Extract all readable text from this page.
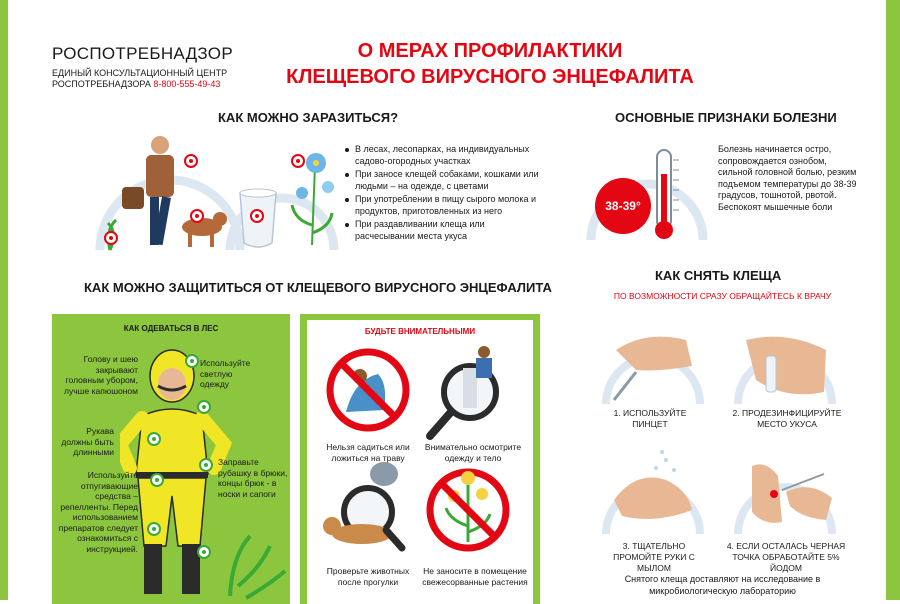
РОСПОТРЕБНАДЗОР
ЕДИНЫЙ КОНСУЛЬТАЦИОННЫЙ ЦЕНТР
РОСПОТРЕБНАДЗОРА 8-800-555-49-43
О МЕРАХ ПРОФИЛАКТИКИ
КЛЕЩЕВОГО ВИРУСНОГО ЭНЦЕФАЛИТА
КАК МОЖНО ЗАРАЗИТЬСЯ?
В лесах, лесопарках, на индивидуальных садово-огородных участках
При заносе клещей собаками, кошками или людьми – на одежде, с цветами
При употреблении в пищу сырого молока и продуктов, приготовленных из него
При раздавливании клеща или расчесывании места укуса
ОСНОВНЫЕ ПРИЗНАКИ БОЛЕЗНИ
38-39°
Болезнь начинается остро, сопровождается ознобом, сильной головной болью, резким подъемом температуры до 38-39 градусов, тошнотой, рвотой. Беспокоят мышечные боли
КАК МОЖНО ЗАЩИТИТЬСЯ ОТ КЛЕЩЕВОГО ВИРУСНОГО ЭНЦЕФАЛИТА
КАК ОДЕВАТЬСЯ В ЛЕС
Голову и шею закрывают головным убором, лучше капюшоном
Используйте светлую одежду
Рукава должны быть длинными
Заправьте рубашку в брюки, концы брюк - в носки и сапоги
Используйте отпугивающие средства – репелленты. Перед использованием препаратов следует ознакомиться с инструкцией.
БУДЬТЕ ВНИМАТЕЛЬНЫМИ
Нельзя садиться или ложиться на траву
Внимательно осмотрите одежду и тело
Проверьте животных после прогулки
Не заносите в помещение свежесорванные растения
КАК СНЯТЬ КЛЕЩА
ПО ВОЗМОЖНОСТИ СРАЗУ ОБРАЩАЙТЕСЬ К ВРАЧУ
1. ИСПОЛЬЗУЙТЕ ПИНЦЕТ
2. ПРОДЕЗИНФИЦИРУЙТЕ МЕСТО УКУСА
3. ТЩАТЕЛЬНО ПРОМОЙТЕ РУКИ С МЫЛОМ
4. ЕСЛИ ОСТАЛАСЬ ЧЕРНАЯ ТОЧКА ОБРАБОТАЙТЕ 5% ЙОДОМ
Снятого клеща доставляют на исследование в микробиологическую лабораторию
